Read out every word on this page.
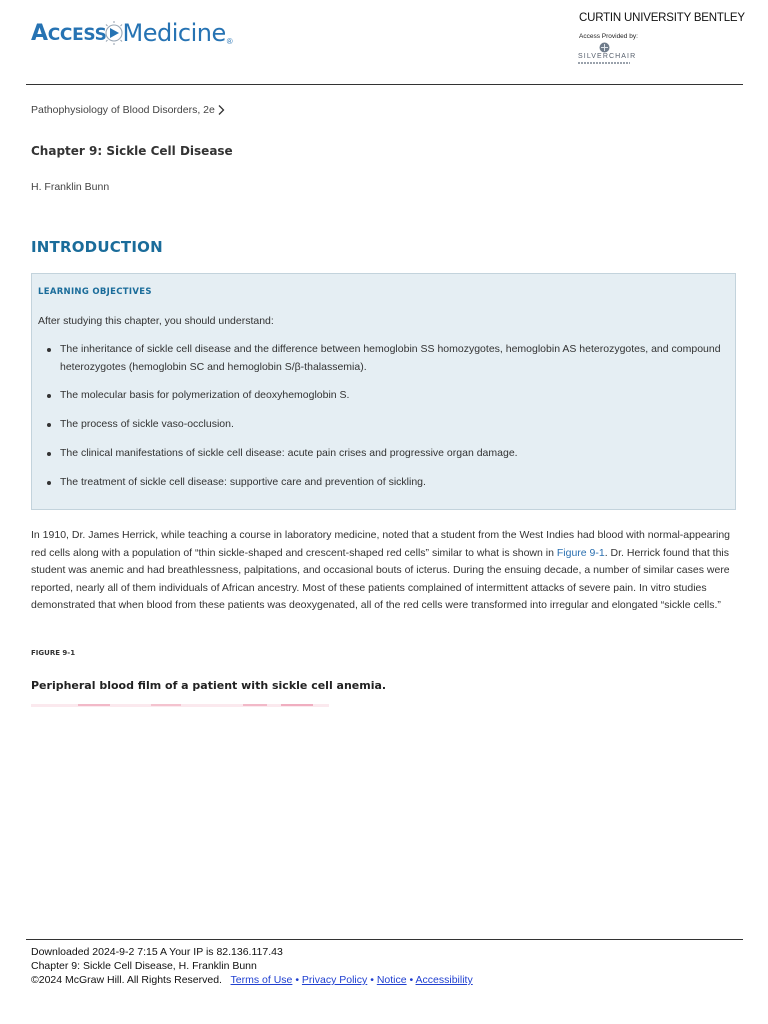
ACCESS Medicine ®
CURTIN UNIVERSITY BENTLEY
Access Provided by:
SILVERCHAIR
Pathophysiology of Blood Disorders, 2e
Chapter 9: Sickle Cell Disease
H. Franklin Bunn
INTRODUCTION
LEARNING OBJECTIVES
After studying this chapter, you should understand:
The inheritance of sickle cell disease and the difference between hemoglobin SS homozygotes, hemoglobin AS heterozygotes, and compound heterozygotes (hemoglobin SC and hemoglobin S/β-thalassemia).
The molecular basis for polymerization of deoxyhemoglobin S.
The process of sickle vaso-occlusion.
The clinical manifestations of sickle cell disease: acute pain crises and progressive organ damage.
The treatment of sickle cell disease: supportive care and prevention of sickling.

In 1910, Dr. James Herrick, while teaching a course in laboratory medicine, noted that a student from the West Indies had blood with normal-appearing red cells along with a population of “thin sickle-shaped and crescent-shaped red cells” similar to what is shown in Figure 9-1. Dr. Herrick found that this student was anemic and had breathlessness, palpitations, and occasional bouts of icterus. During the ensuing decade, a number of similar cases were reported, nearly all of them individuals of African ancestry. Most of these patients complained of intermittent attacks of severe pain. In vitro studies demonstrated that when blood from these patients was deoxygenated, all of the red cells were transformed into irregular and elongated “sickle cells.”

FIGURE 9-1
Peripheral blood film of a patient with sickle cell anemia.
Downloaded 2024-9-2 7:15 A Your IP is 82.136.117.43
Chapter 9: Sickle Cell Disease, H. Franklin Bunn
©2024 McGraw Hill. All Rights Reserved. Terms of Use • Privacy Policy • Notice • Accessibility
